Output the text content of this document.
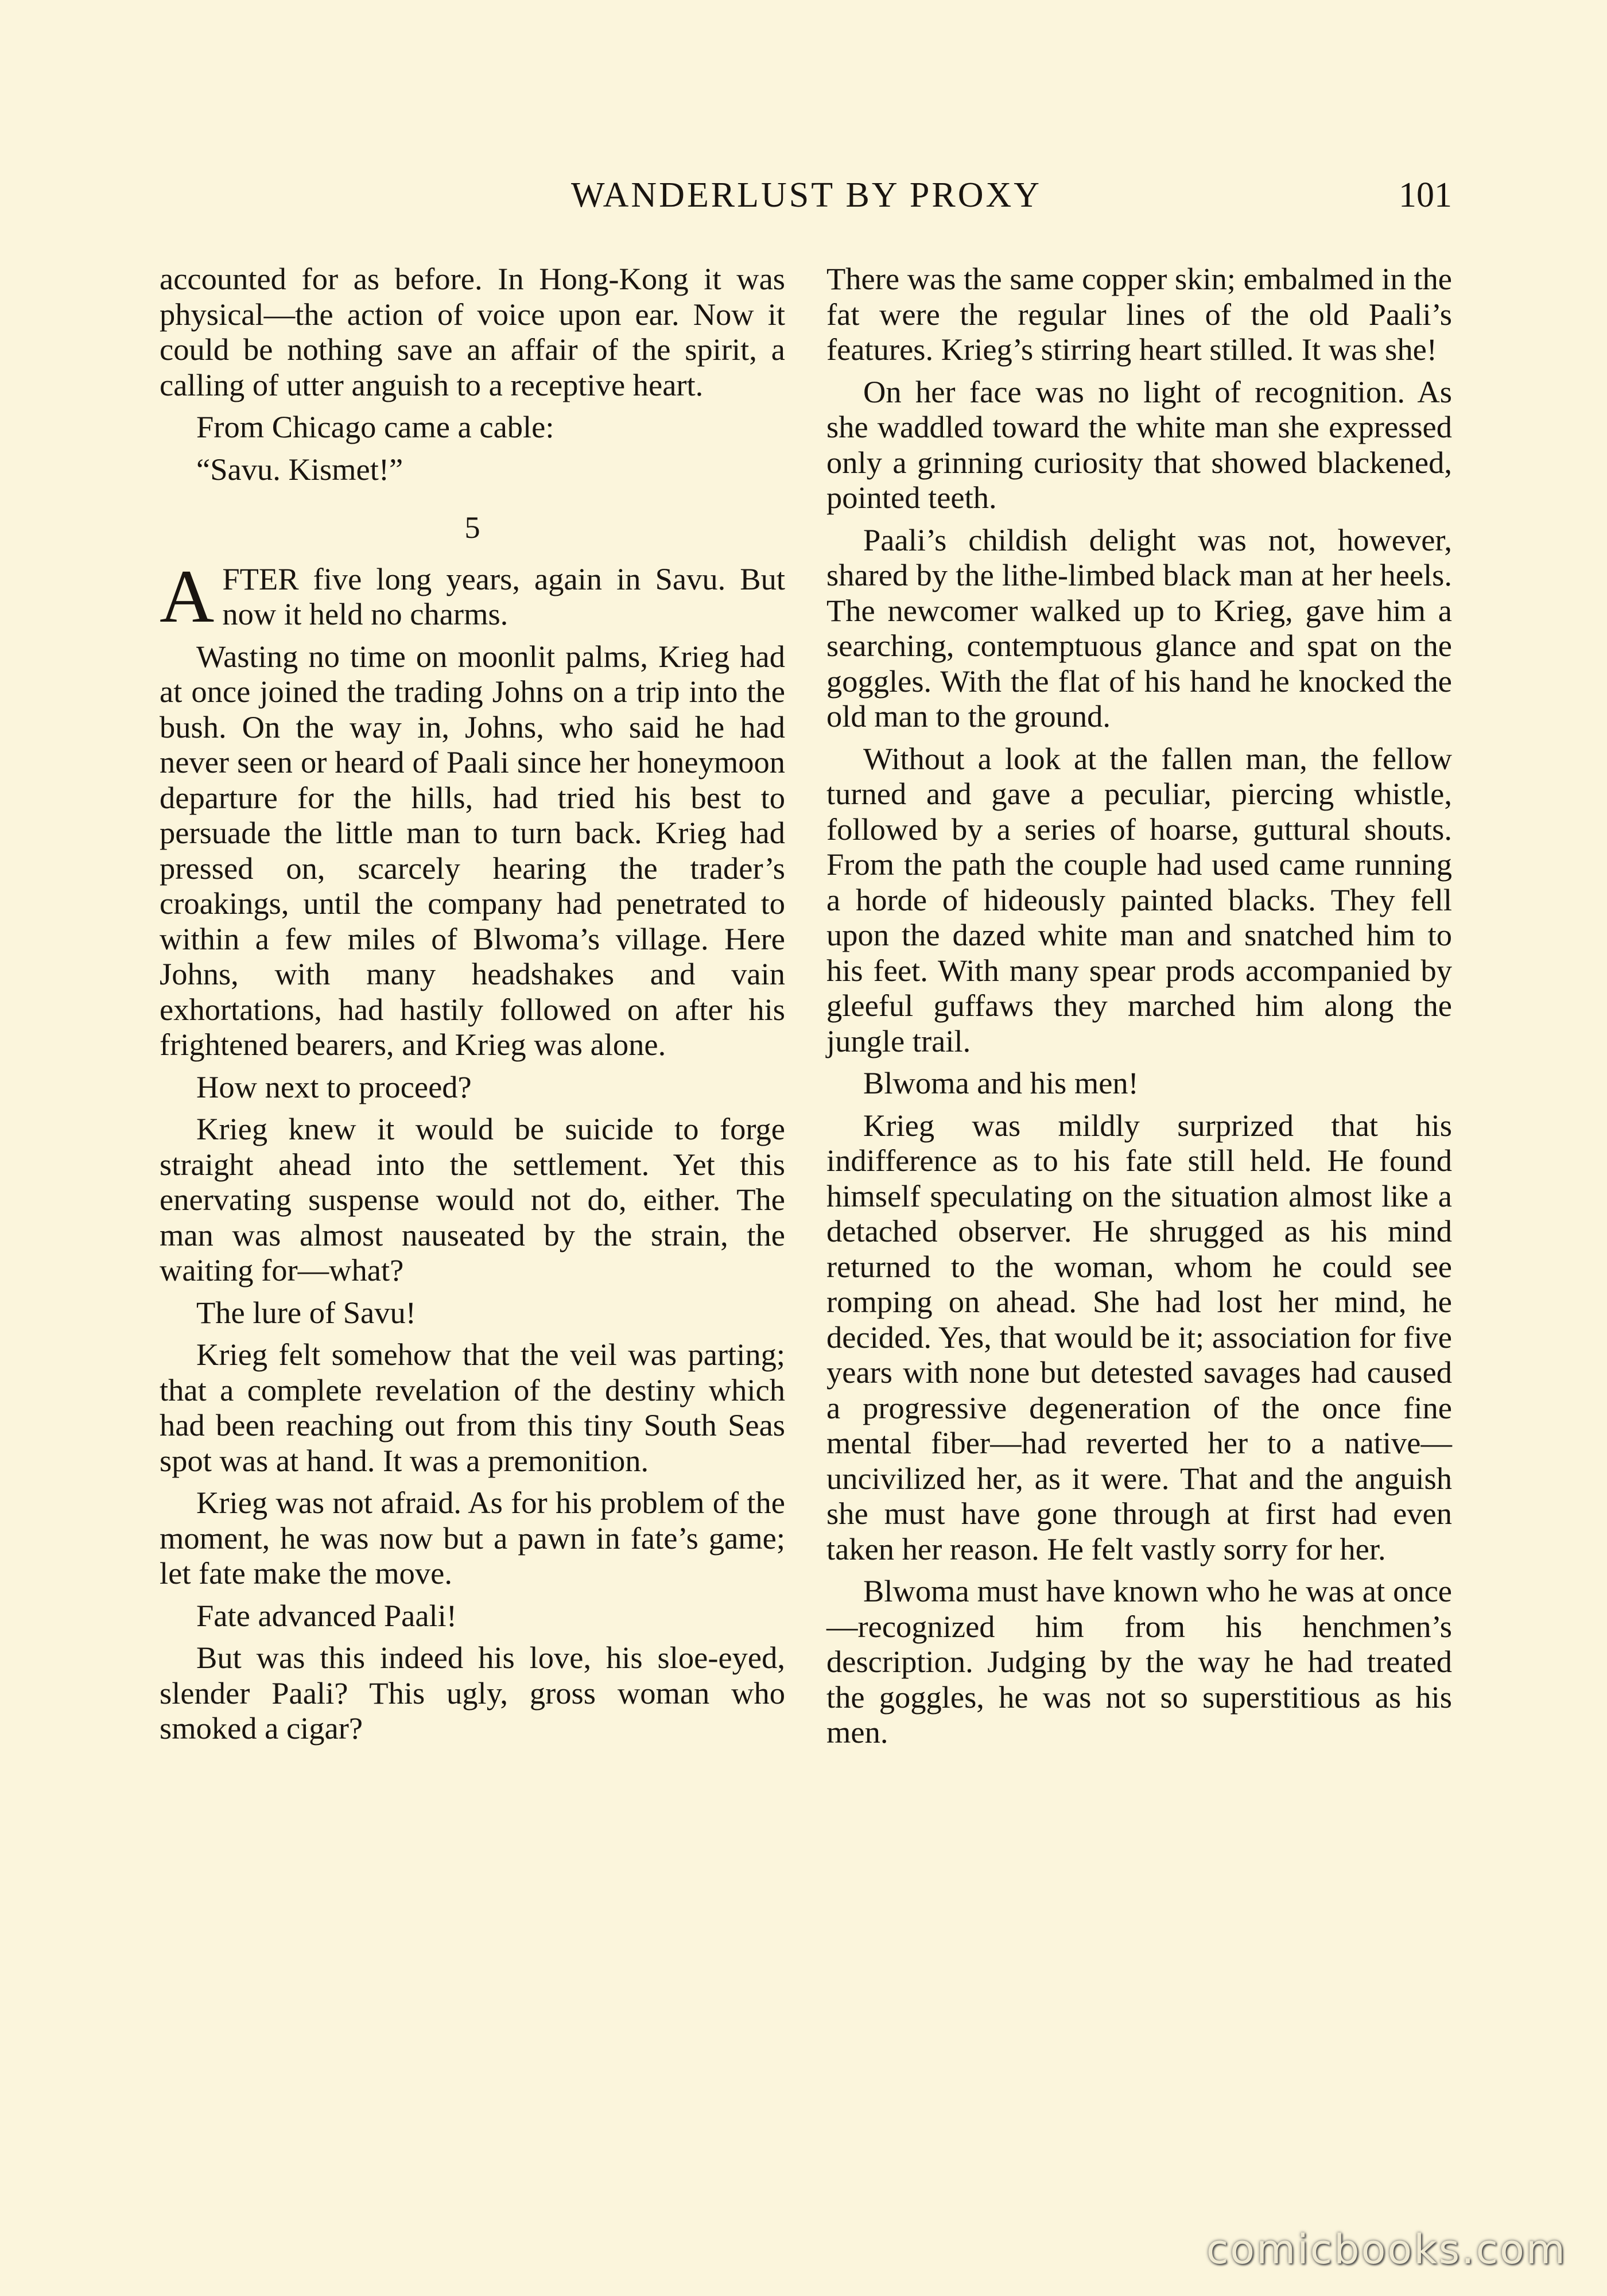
WANDERLUST BY PROXY	101

accounted for as before. In Hong-Kong it was physical—the action of voice upon ear. Now it could be nothing save an affair of the spirit, a calling of utter anguish to a receptive heart.

From Chicago came a cable:

“Savu. Kismet!”

5

AFTER five long years, again in Savu. But now it held no charms.

Wasting no time on moonlit palms, Krieg had at once joined the trading Johns on a trip into the bush. On the way in, Johns, who said he had never seen or heard of Paali since her honeymoon departure for the hills, had tried his best to persuade the little man to turn back. Krieg had pressed on, scarcely hearing the trader’s croakings, until the company had penetrated to within a few miles of Blwoma’s village. Here Johns, with many headshakes and vain exhortations, had hastily followed on after his frightened bearers, and Krieg was alone.

How next to proceed?

Krieg knew it would be suicide to forge straight ahead into the settlement. Yet this enervating suspense would not do, either. The man was almost nauseated by the strain, the waiting for—what?

The lure of Savu!

Krieg felt somehow that the veil was parting; that a complete revelation of the destiny which had been reaching out from this tiny South Seas spot was at hand. It was a premonition.

Krieg was not afraid. As for his problem of the moment, he was now but a pawn in fate’s game; let fate make the move.

Fate advanced Paali!

But was this indeed his love, his sloe-eyed, slender Paali? This ugly, gross woman who smoked a cigar?

There was the same copper skin; embalmed in the fat were the regular lines of the old Paali’s features. Krieg’s stirring heart stilled. It was she!

On her face was no light of recognition. As she waddled toward the white man she expressed only a grinning curiosity that showed blackened, pointed teeth.

Paali’s childish delight was not, however, shared by the lithe-limbed black man at her heels. The newcomer walked up to Krieg, gave him a searching, contemptuous glance and spat on the goggles. With the flat of his hand he knocked the old man to the ground.

Without a look at the fallen man, the fellow turned and gave a peculiar, piercing whistle, followed by a series of hoarse, guttural shouts. From the path the couple had used came running a horde of hideously painted blacks. They fell upon the dazed white man and snatched him to his feet. With many spear prods accompanied by gleeful guffaws they marched him along the jungle trail.

Blwoma and his men!

Krieg was mildly surprized that his indifference as to his fate still held. He found himself speculating on the situation almost like a detached observer. He shrugged as his mind returned to the woman, whom he could see romping on ahead. She had lost her mind, he decided. Yes, that would be it; association for five years with none but detested savages had caused a progressive degeneration of the once fine mental fiber—had reverted her to a native—uncivilized her, as it were. That and the anguish she must have gone through at first had even taken her reason. He felt vastly sorry for her.

Blwoma must have known who he was at once—recognized him from his henchmen’s description. Judging by the way he had treated the goggles, he was not so superstitious as his men.

comicbooks.com
